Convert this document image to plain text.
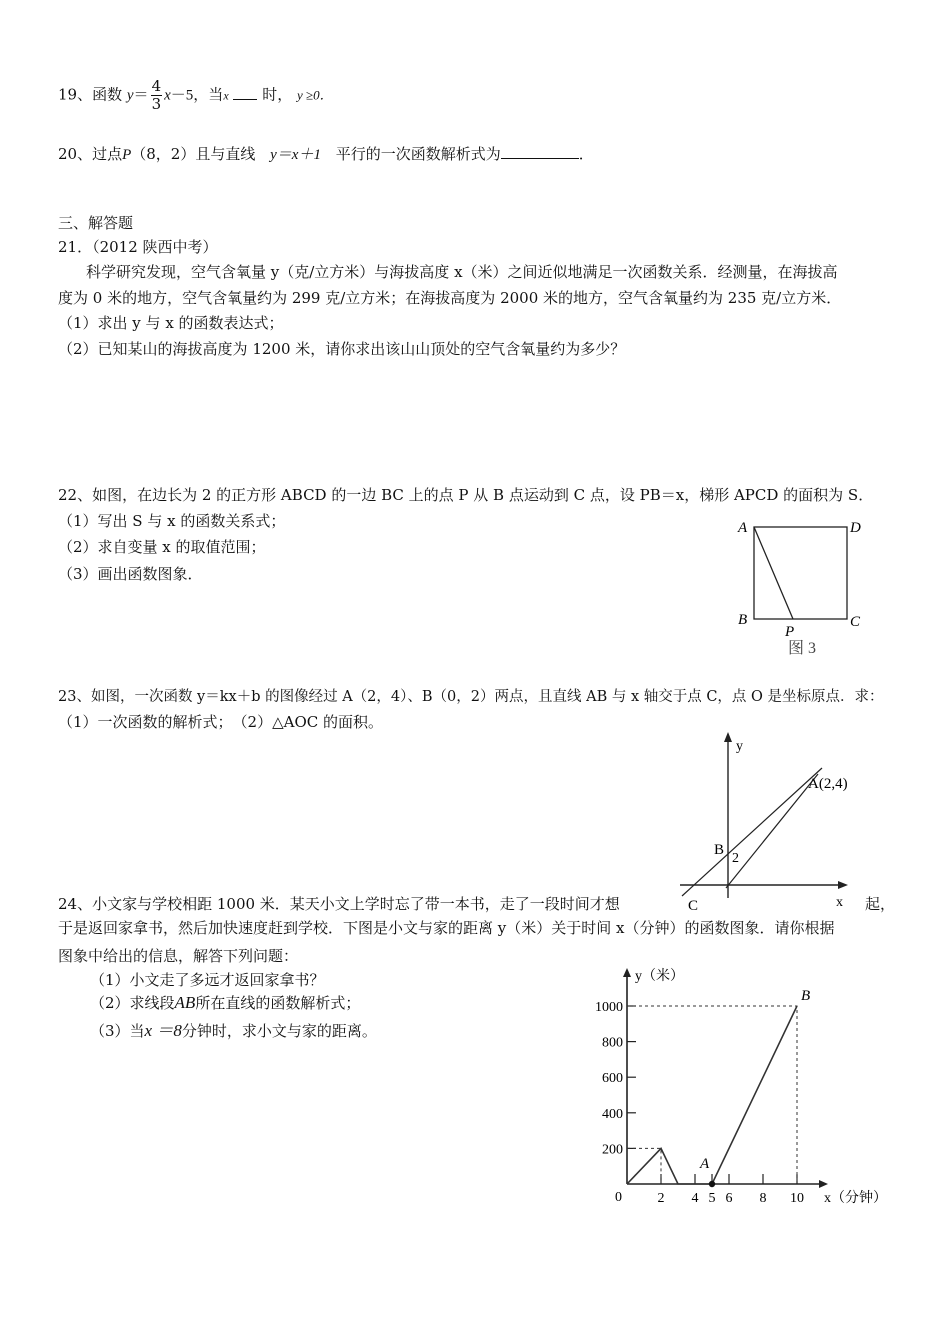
19、函数 $y= \frac{4}{3} x-5$，当x 时， y ≥0．
20、过点P（8，2）且与直线 y＝x＋1 平行的一次函数解析式为	．
三、解答题
21．（2012 陕西中考）
科学研究发现，空气含氧量 y（克/立方米）与海拔高度 x（米）之间近似地满足一次函数关系．经测量，在海拔高
度为 0 米的地方，空气含氧量约为 299 克/立方米；在海拔高度为 2000 米的地方，空气含氧量约为 235 克/立方米．
（1）求出 y 与 x 的函数表达式；
（2）已知某山的海拔高度为 1200 米，请你求出该山山顶处的空气含氧量约为多少？
22、如图，在边长为 2 的正方形 ABCD 的一边 BC 上的点 P 从 B 点运动到 C 点，设 PB＝x，梯形 APCD 的面积为 S．
（1）写出 S 与 x 的函数关系式；
（2）求自变量 x 的取值范围；
（3）画出函数图象．
A	D
B	C
P
图 3
23、如图，一次函数 y＝kx＋b 的图像经过 A（2，4）、B（0，2）两点，且直线 AB 与 x 轴交于点 C，点 O 是坐标原点．求：
（1）一次函数的解析式；　（2）△AOC 的面积。
y
x
A(2,4)
B
2
C
24、小文家与学校相距 1000 米．某天小文上学时忘了带一本书，走了一段时间才想	起，
于是返回家拿书，然后加快速度赶到学校．下图是小文与家的距离 y（米）关于时间 x（分钟）的函数图象．请你根据
图象中给出的信息，解答下列问题：
（1）小文走了多远才返回家拿书？
（2）求线段AB所在直线的函数解析式；
（3）当x ＝8分钟时，求小文与家的距离。
y（米）
x（分钟）
0
200
400
600
800
1000
2 4 5 6 8 10
A
B
